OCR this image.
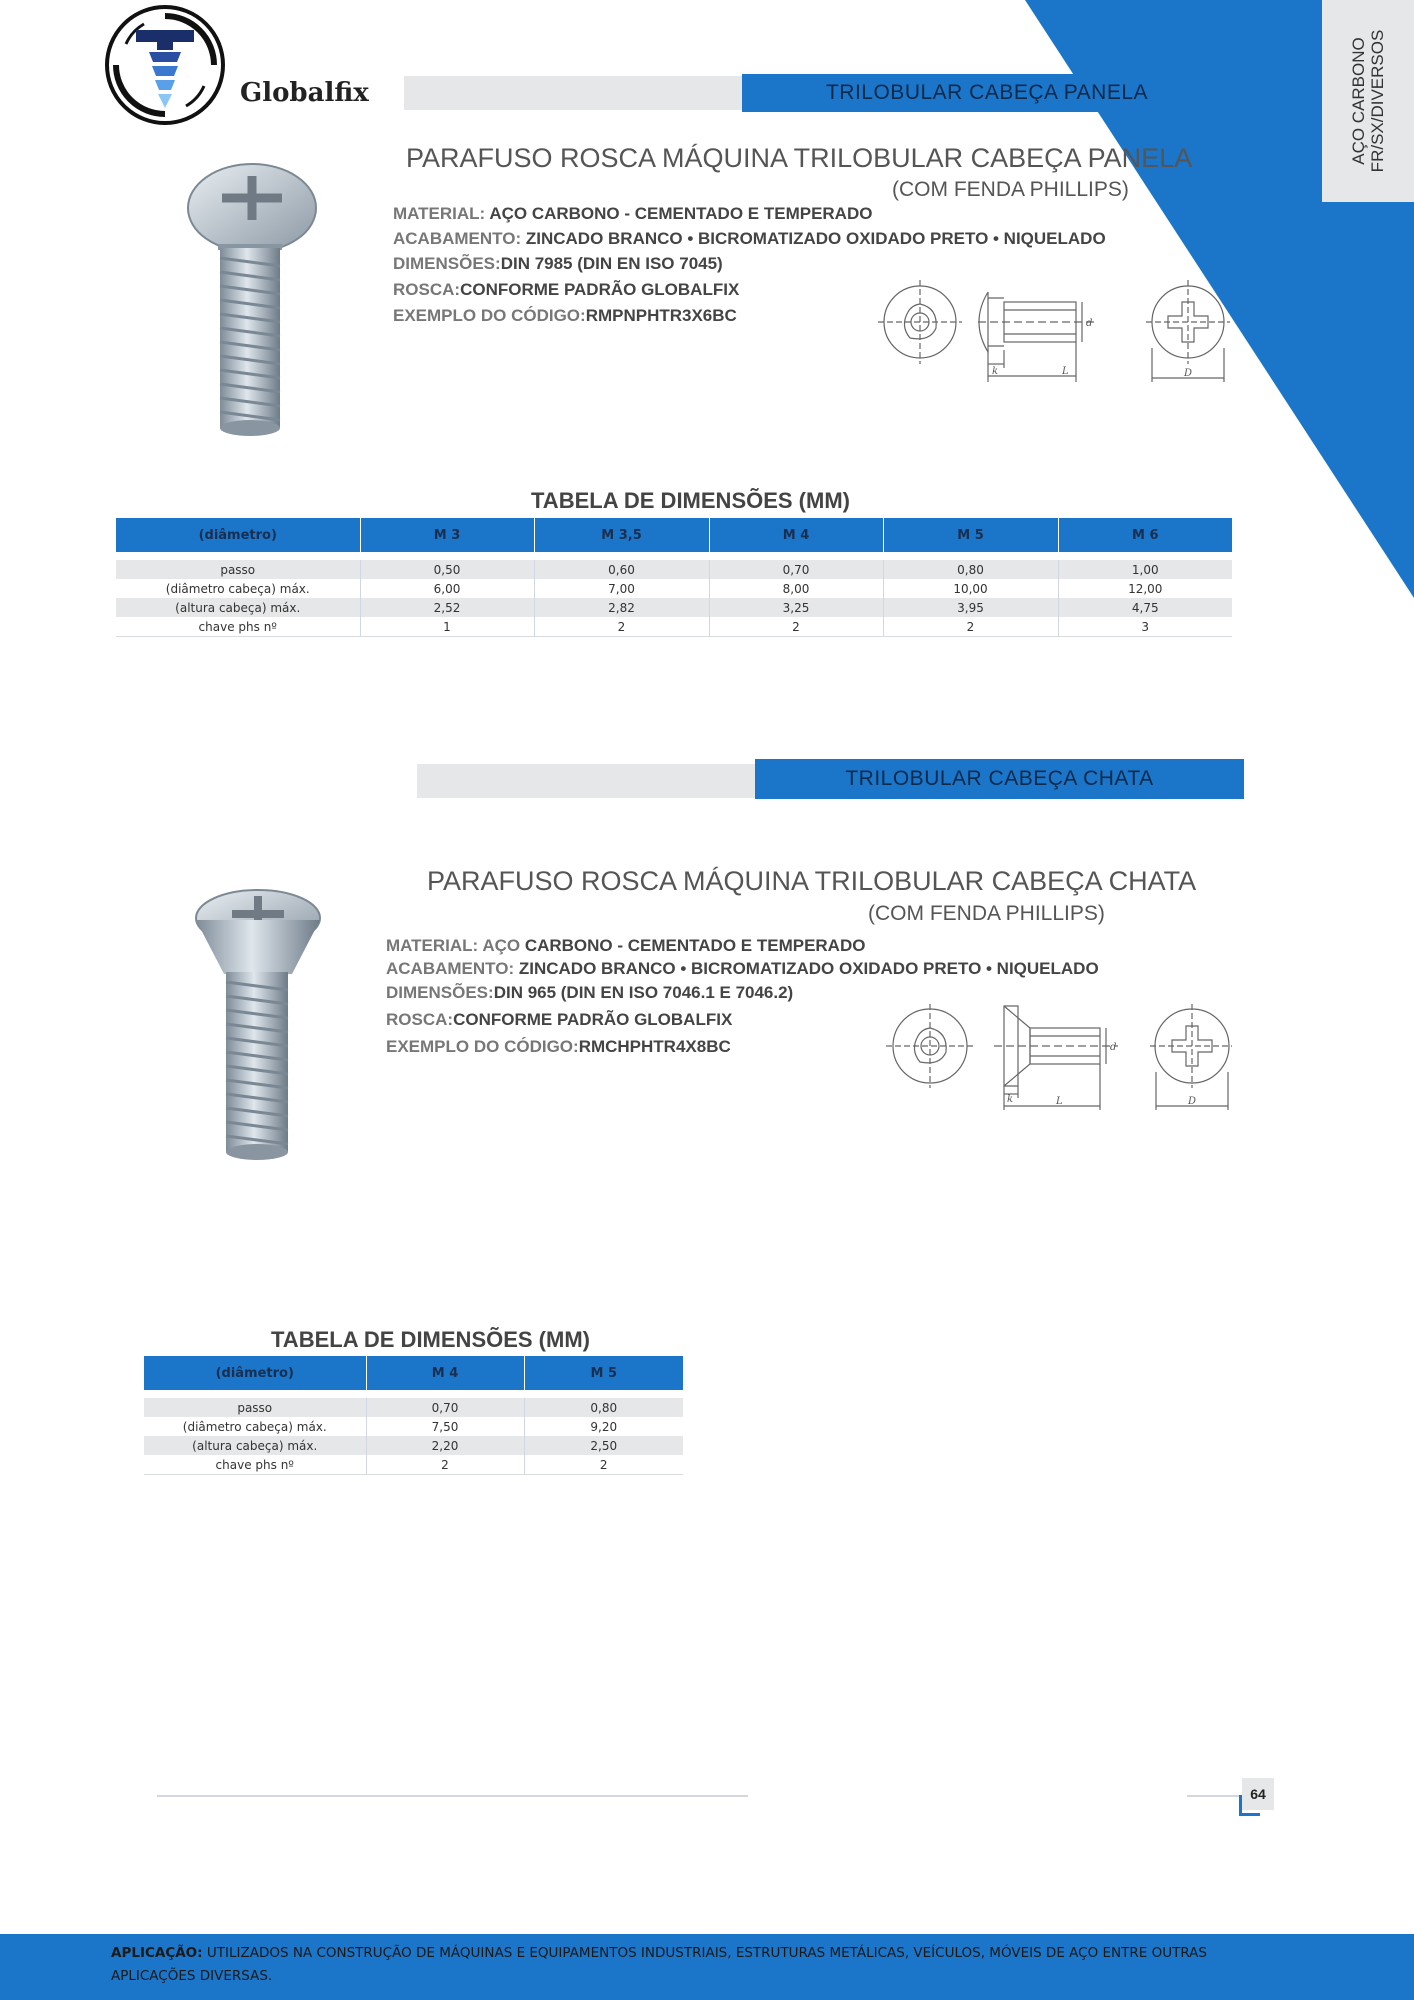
AÇO CARBONO FR/SX/DIVERSOS
Globalfix	TRILOBULAR CABEÇA PANELA
PARAFUSO ROSCA MÁQUINA TRILOBULAR CABEÇA PANELA
(COM FENDA PHILLIPS)
MATERIAL: AÇO CARBONO - CEMENTADO E TEMPERADO
ACABAMENTO: ZINCADO BRANCO • BICROMATIZADO OXIDADO PRETO • NIQUELADO
DIMENSÕES:DIN 7985 (DIN EN ISO 7045)
ROSCA:CONFORME PADRÃO GLOBALFIX
EXEMPLO DO CÓDIGO:RMPNPHTR3X6BC
k	L
d
D
TABELA DE DIMENSÕES (MM)
(diâmetro)	M 3	M 3,5	M 4	M 5	M 6

passo	0,50	0,60	0,70	0,80	1,00
(diâmetro cabeça) máx.	6,00	7,00	8,00	10,00	12,00
(altura cabeça) máx.	2,52	2,82	3,25	3,95	4,75
chave phs nº	1	2	2	2	3
TRILOBULAR CABEÇA CHATA
PARAFUSO ROSCA MÁQUINA TRILOBULAR CABEÇA CHATA
(COM FENDA PHILLIPS)
MATERIAL: AÇO CARBONO - CEMENTADO E TEMPERADO
ACABAMENTO: ZINCADO BRANCO • BICROMATIZADO OXIDADO PRETO • NIQUELADO
DIMENSÕES:DIN 965 (DIN EN ISO 7046.1 E 7046.2)
ROSCA:CONFORME PADRÃO GLOBALFIX
EXEMPLO DO CÓDIGO:RMCHPHTR4X8BC
k	L
d
D
TABELA DE DIMENSÕES (MM)
(diâmetro)	M 4	M 5

passo	0,70	0,80
(diâmetro cabeça) máx.	7,50	9,20
(altura cabeça) máx.	2,20	2,50
chave phs nº	2	2
64
APLICAÇÃO: UTILIZADOS NA CONSTRUÇÃO DE MÁQUINAS E EQUIPAMENTOS INDUSTRIAIS, ESTRUTURAS METÁLICAS, VEÍCULOS, MÓVEIS DE AÇO ENTRE OUTRAS APLICAÇÕES DIVERSAS.
